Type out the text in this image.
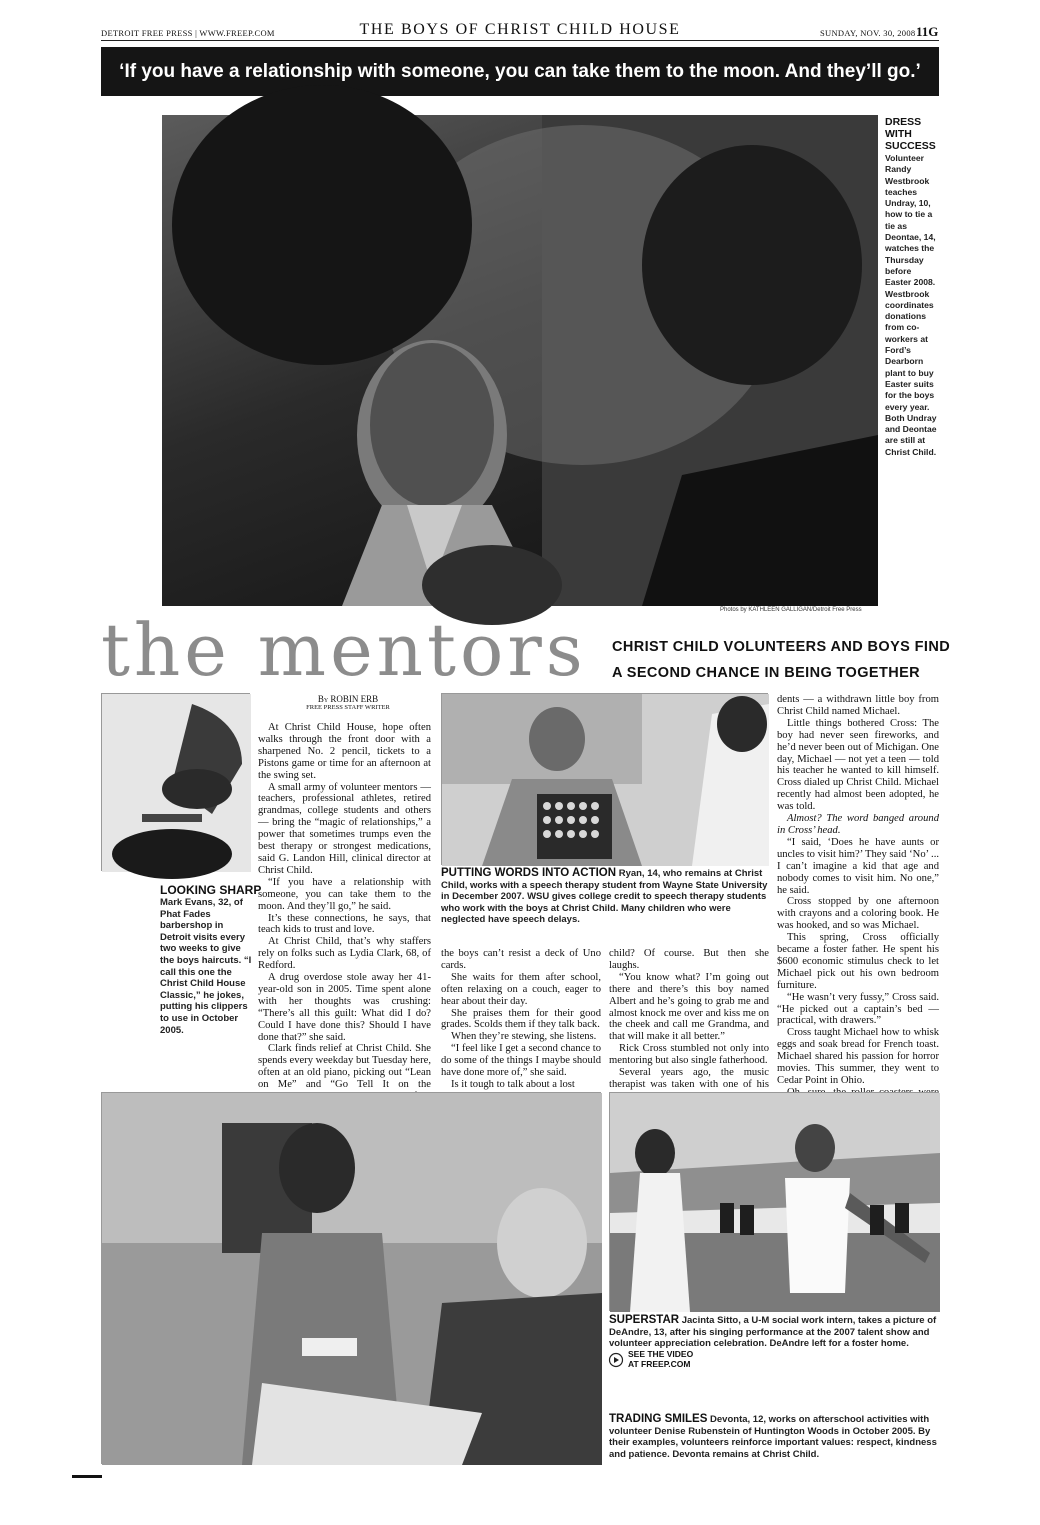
DETROIT FREE PRESS | WWW.FREEP.COM	THE BOYS OF CHRIST CHILD HOUSE	SUNDAY, NOV. 30, 2008 11G
‘If you have a relationship with someone, you can take them to the moon. And they’ll go.’
Photos by KATHLEEN GALLIGAN/Detroit Free Press
DRESS WITH SUCCESS
Volunteer Randy Westbrook teaches Undray, 10, how to tie a tie as Deontae, 14, watches the Thursday before Easter 2008. Westbrook coordinates donations from co-workers at Ford’s Dearborn plant to buy Easter suits for the boys every year. Both Undray and Deontae are still at Christ Child.
the mentors CHRIST CHILD VOLUNTEERS AND BOYS FIND
A SECOND CHANCE IN BEING TOGETHER
LOOKING SHARP
Mark Evans, 32, of Phat Fades barbershop in Detroit visits every two weeks to give the boys haircuts. “I call this one the Christ Child House Classic,” he jokes, putting his clippers to use in October 2005.
By ROBIN ERB
FREE PRESS STAFF WRITER

At Christ Child House, hope often walks through the front door with a sharpened No. 2 pencil, tickets to a Pistons game or time for an afternoon at the swing set.

A small army of volunteer mentors — teachers, professional athletes, retired grandmas, college students and others — bring the “magic of relationships,” a power that sometimes trumps even the best therapy or strongest medications, said G. Landon Hill, clinical director at Christ Child.

“If you have a relationship with someone, you can take them to the moon. And they’ll go,” he said.

It’s these connections, he says, that teach kids to trust and love.

At Christ Child, that’s why staffers rely on folks such as Lydia Clark, 68, of Redford.

A drug overdose stole away her 41-year-old son in 2005. Time spent alone with her thoughts was crushing: “There’s all this guilt: What did I do? Could I have done this? Should I have done that?” she said.

Clark finds relief at Christ Child. She spends every weekday but Tuesday here, often at an old piano, picking out “Lean on Me” and “Go Tell It on the

PUTTING WORDS INTO ACTION Ryan, 14, who remains at Christ Child, works with a speech therapy student from Wayne State University in December 2007. WSU gives college credit to speech therapy students who work with the boys at Christ Child. Many children who were neglected have speech delays.

the boys can’t resist a deck of Uno cards.

She waits for them after school, often relaxing on a couch, eager to hear about their day.

She praises them for their good grades. Scolds them if they talk back.

When they’re stewing, she listens.

“I feel like I get a second chance to do some of the things I maybe should have done more of,” she said.

Is it tough to talk about a lost

child? Of course. But then she laughs.

“You know what? I’m going out there and there’s this boy named Albert and he’s going to grab me and almost knock me over and kiss me on the cheek and call me Grandma, and that will make it all better.”

Rick Cross stumbled not only into mentoring but also single fatherhood.

Several years ago, the music therapist was taken with one of his

dents — a withdrawn little boy from Christ Child named Michael.

Little things bothered Cross: The boy had never seen fireworks, and he’d never been out of Michigan. One day, Michael — not yet a teen — told his teacher he wanted to kill himself. Cross dialed up Christ Child. Michael recently had almost been adopted, he was told.

Almost? The word banged around in Cross’ head.

“I said, ‘Does he have aunts or uncles to visit him?’ They said ‘No’ ... I can’t imagine a kid that age and nobody comes to visit him. No one,” he said.

Cross stopped by one afternoon with crayons and a coloring book. He was hooked, and so was Michael.

This spring, Cross officially became a foster father. He spent his $600 economic stimulus check to let Michael pick out his own bedroom furniture.

“He wasn’t very fussy,” Cross said. “He picked out a captain’s bed — practical, with drawers.”

Cross taught Michael how to whisk eggs and soak bread for French toast. Michael shared his passion for horror movies. This summer, they went to Cedar Point in Ohio.

SUPERSTAR Jacinta Sitto, a U-M social work intern, takes a picture of DeAndre, 13, after his singing performance at the 2007 talent show and volunteer appreciation celebration. DeAndre left for a foster home.
SEE THE VIDEO
AT FREEP.COM
TRADING SMILES Devonta, 12, works on afterschool activities with volunteer Denise Rubenstein of Huntington Woods in October 2005. By their examples, volunteers reinforce important values: respect, kindness and patience. Devonta remains at Christ Child.
